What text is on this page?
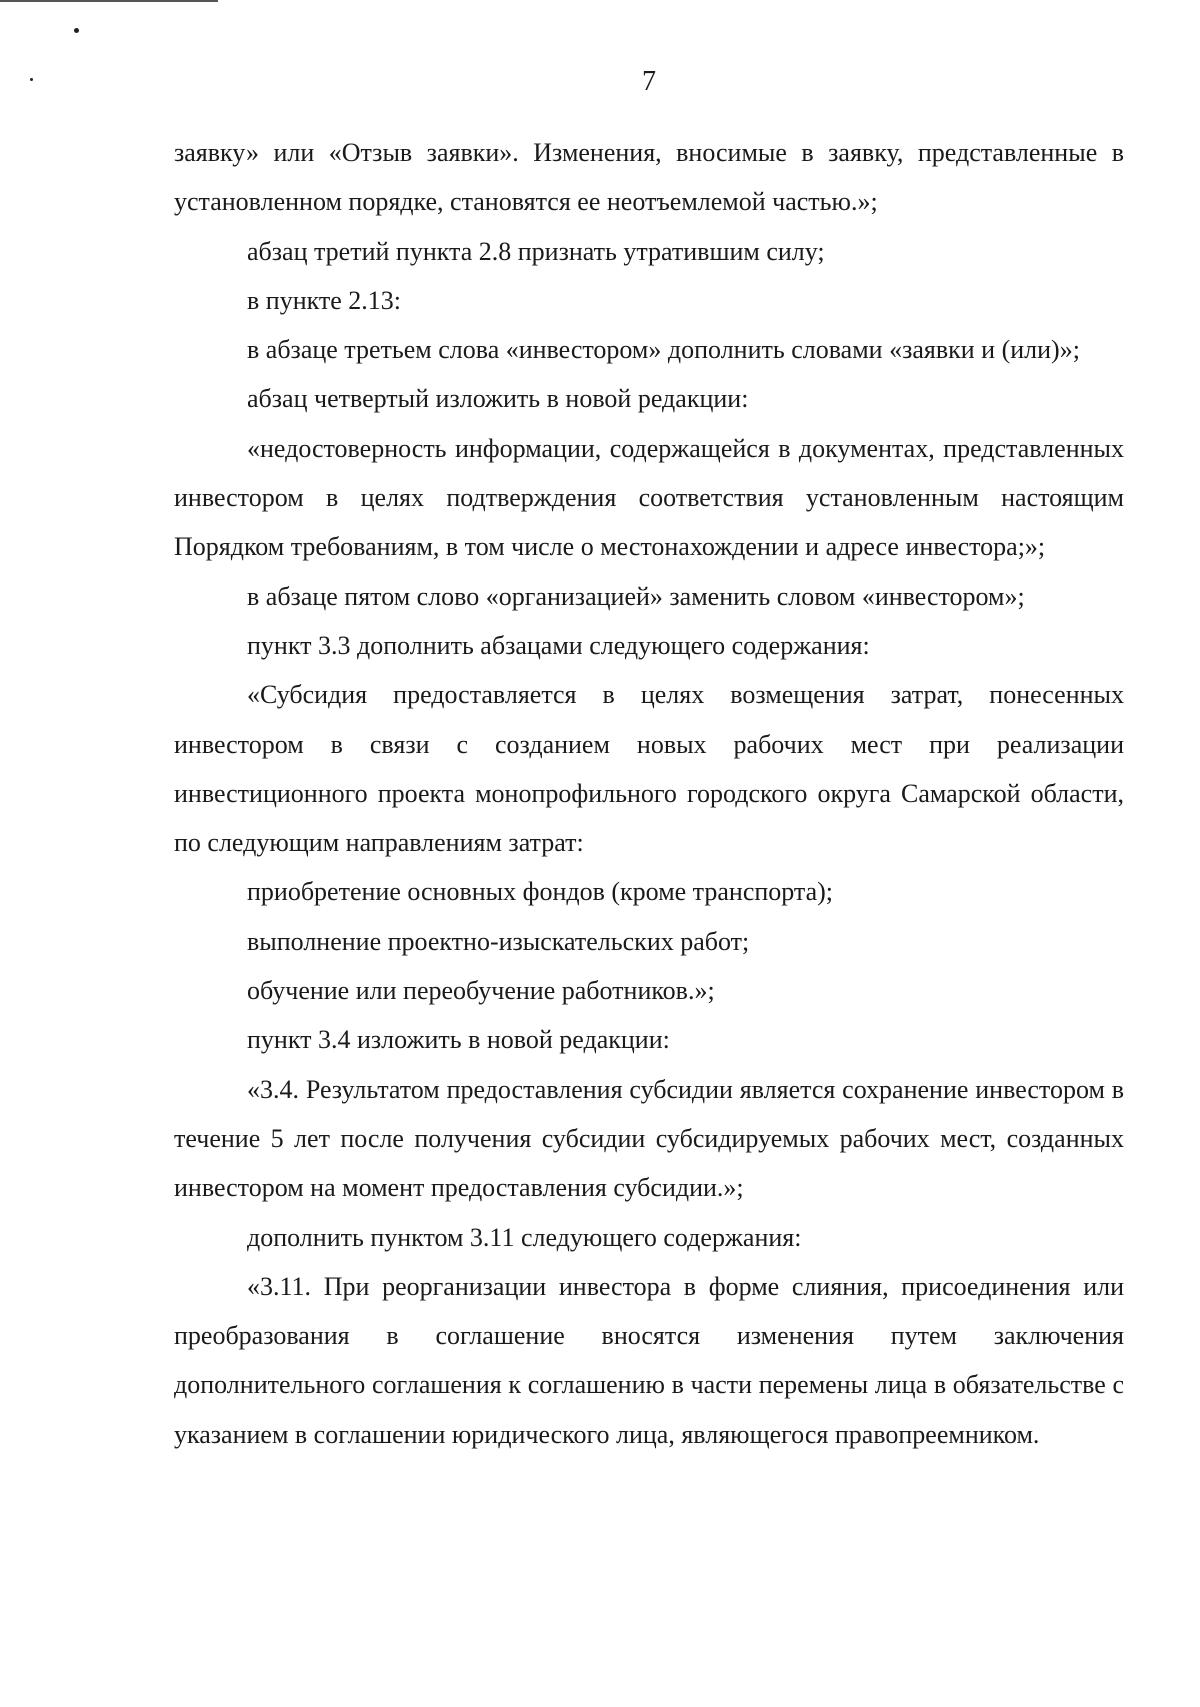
7

заявку» или «Отзыв заявки». Изменения, вносимые в заявку, представленные в установленном порядке, становятся ее неотъемлемой частью.»;

абзац третий пункта 2.8 признать утратившим силу;

в пункте 2.13:

в абзаце третьем слова «инвестором» дополнить словами «заявки и (или)»;

абзац четвертый изложить в новой редакции:

«недостоверность информации, содержащейся в документах, представленных инвестором в целях подтверждения соответствия установленным настоящим Порядком требованиям, в том числе о местонахождении и адресе инвестора;»;

в абзаце пятом слово «организацией» заменить словом «инвестором»;

пункт 3.3 дополнить абзацами следующего содержания:

«Субсидия предоставляется в целях возмещения затрат, понесенных инвестором в связи с созданием новых рабочих мест при реализации инвестиционного проекта монопрофильного городского округа Самарской области, по следующим направлениям затрат:

приобретение основных фондов (кроме транспорта);

выполнение проектно-изыскательских работ;

обучение или переобучение работников.»;

пункт 3.4 изложить в новой редакции:

«3.4. Результатом предоставления субсидии является сохранение инвестором в течение 5 лет после получения субсидии субсидируемых рабочих мест, созданных инвестором на момент предоставления субсидии.»;

дополнить пунктом 3.11 следующего содержания:

«3.11. При реорганизации инвестора в форме слияния, присоединения или преобразования в соглашение вносятся изменения путем заключения дополнительного соглашения к соглашению в части перемены лица в обязательстве с указанием в соглашении юридического лица, являющегося правопреемником.
